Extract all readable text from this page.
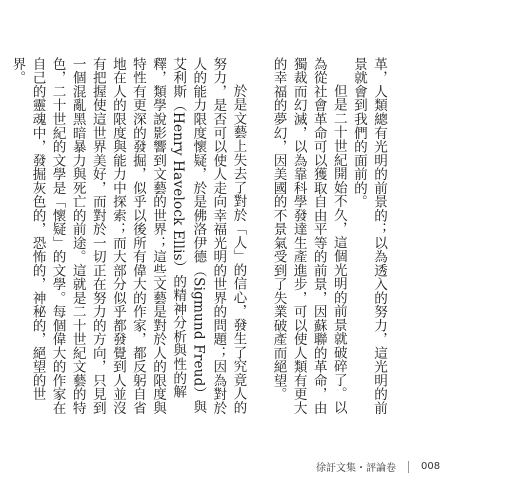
革，人類總有光明的前景的；以為透入的努力，這光明的前景就會到我們的面前的。

但是二十世紀開始不久，這個光明的前景就破碎了。以為從社會革命可以獲取自由平等的前景，因蘇聯的革命，由獨裁而幻滅，以為靠科學發達生產進步，可以使人類有更大的幸福的夢幻，因美國的不景氣受到了失業破產而絕望。

於是文藝上失去了對於「人」的信心，發生了究竟人的努力，是否可以使人走向幸福光明的世界的問題；因為對於人的能力限度懷疑，於是佛洛伊德（Sigmund Freud）與艾利斯（Henry Havelock Ellis）的精神分析與性的解釋，類學說影響到文藝的世界；這些文藝是對於人的限度與特性有更深的發掘，似乎以後所有偉大的作家，都反躬自省地在人的限度與能力中探索；而大部分似乎都發覺到人並沒有把握使這世界美好，而對於一切正在努力的方向，只見到一個混亂黑暗暴力與死亡的前途。這就是二十世紀文藝的特色，二十世紀的文學是「懷疑」的文學。每個偉大的作家在自己的靈魂中，發掘灰色的，恐怖的，神秘的，絕望的世界。

徐訏文集・評論卷	008
